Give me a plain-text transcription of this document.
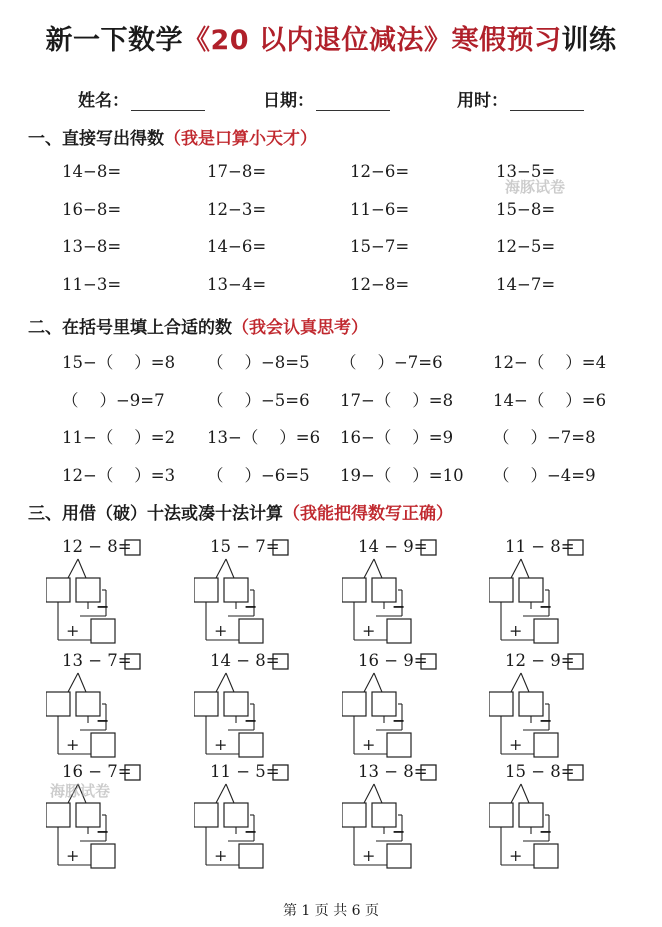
新一下数学《20 以内退位减法》寒假预习训练
姓名：	日期：	用时：
一、直接写出得数（我是口算小天才）
14−8=	17−8=	12−6=	13−5=
16−8=	12−3=	11−6=	15−8=
13−8=	14−6=	15−7=	12−5=
11−3=	13−4=	12−8=	14−7=
二、在括号里填上合适的数（我会认真思考）
15−（    ）=8 （    ）−8=5 （    ）−7=6	12−（    ）=4
（    ）−9=7	（    ）−5=6 17−（    ）=8 14−（    ）=6
11−（    ）=2 13−（    ）=6 16−（    ）=9 （    ）−7=8
12−（    ）=3 （    ）−6=5 19−（    ）=10 （    ）−4=9
三、用借（破）十法或凑十法计算（我能把得数写正确）
12 − 8=
−
+
15 − 7=
−
+
14 − 9=
−
+
11 − 8=
−
+
13 − 7=
−
+
14 − 8=
−
+
16 − 9=
−
+
12 − 9=
−
+
16 − 7=
−
+
11 − 5=
−
+
13 − 8=
−
+
15 − 8=
−
+
海豚试卷
海豚试卷
第 1 页 共 6 页
